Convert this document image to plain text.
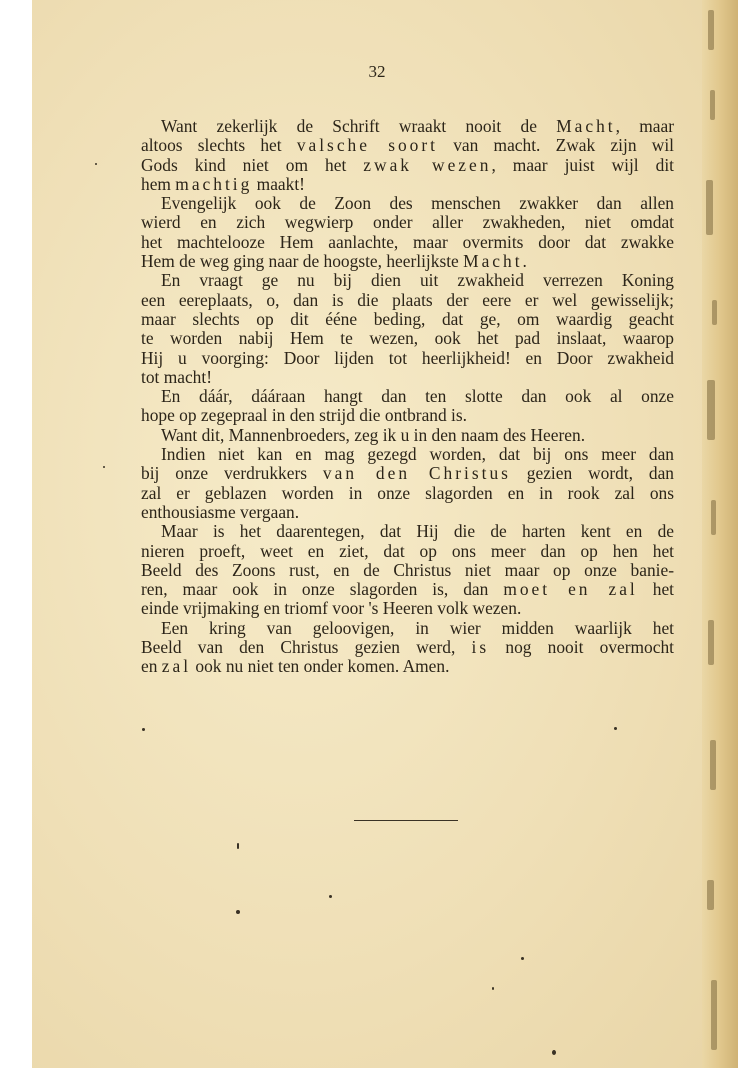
32
Want zekerlijk de Schrift wraakt nooit de Macht, maar
altoos slechts het valsche soort van macht. Zwak zijn wil
Gods kind niet om het zwak wezen, maar juist wijl dit
hem machtig maakt!
Evengelijk ook de Zoon des menschen zwakker dan allen
wierd en zich wegwierp onder aller zwakheden, niet omdat
het machtelooze Hem aanlachte, maar overmits door dat zwakke
Hem de weg ging naar de hoogste, heerlijkste Macht.
En vraagt ge nu bij dien uit zwakheid verrezen Koning
een eereplaats, o, dan is die plaats der eere er wel gewisselijk;
maar slechts op dit ééne beding, dat ge, om waardig geacht
te worden nabij Hem te wezen, ook het pad inslaat, waarop
Hij u voorging: Door lijden tot heerlijkheid! en Door zwakheid
tot macht!
En dáár, dááraan hangt dan ten slotte dan ook al onze
hope op zegepraal in den strijd die ontbrand is.
Want dit, Mannenbroeders, zeg ik u in den naam des Heeren.
Indien niet kan en mag gezegd worden, dat bij ons meer dan
bij onze verdrukkers van den Christus gezien wordt, dan
zal er geblazen worden in onze slagorden en in rook zal ons
enthousiasme vergaan.
Maar is het daarentegen, dat Hij die de harten kent en de
nieren proeft, weet en ziet, dat op ons meer dan op hen het
Beeld des Zoons rust, en de Christus niet maar op onze banie-
ren, maar ook in onze slagorden is, dan moet en zal het
einde vrijmaking en triomf voor 's Heeren volk wezen.
Een kring van geloovigen, in wier midden waarlijk het
Beeld van den Christus gezien werd, is nog nooit overmocht
en zal ook nu niet ten onder komen. Amen.
